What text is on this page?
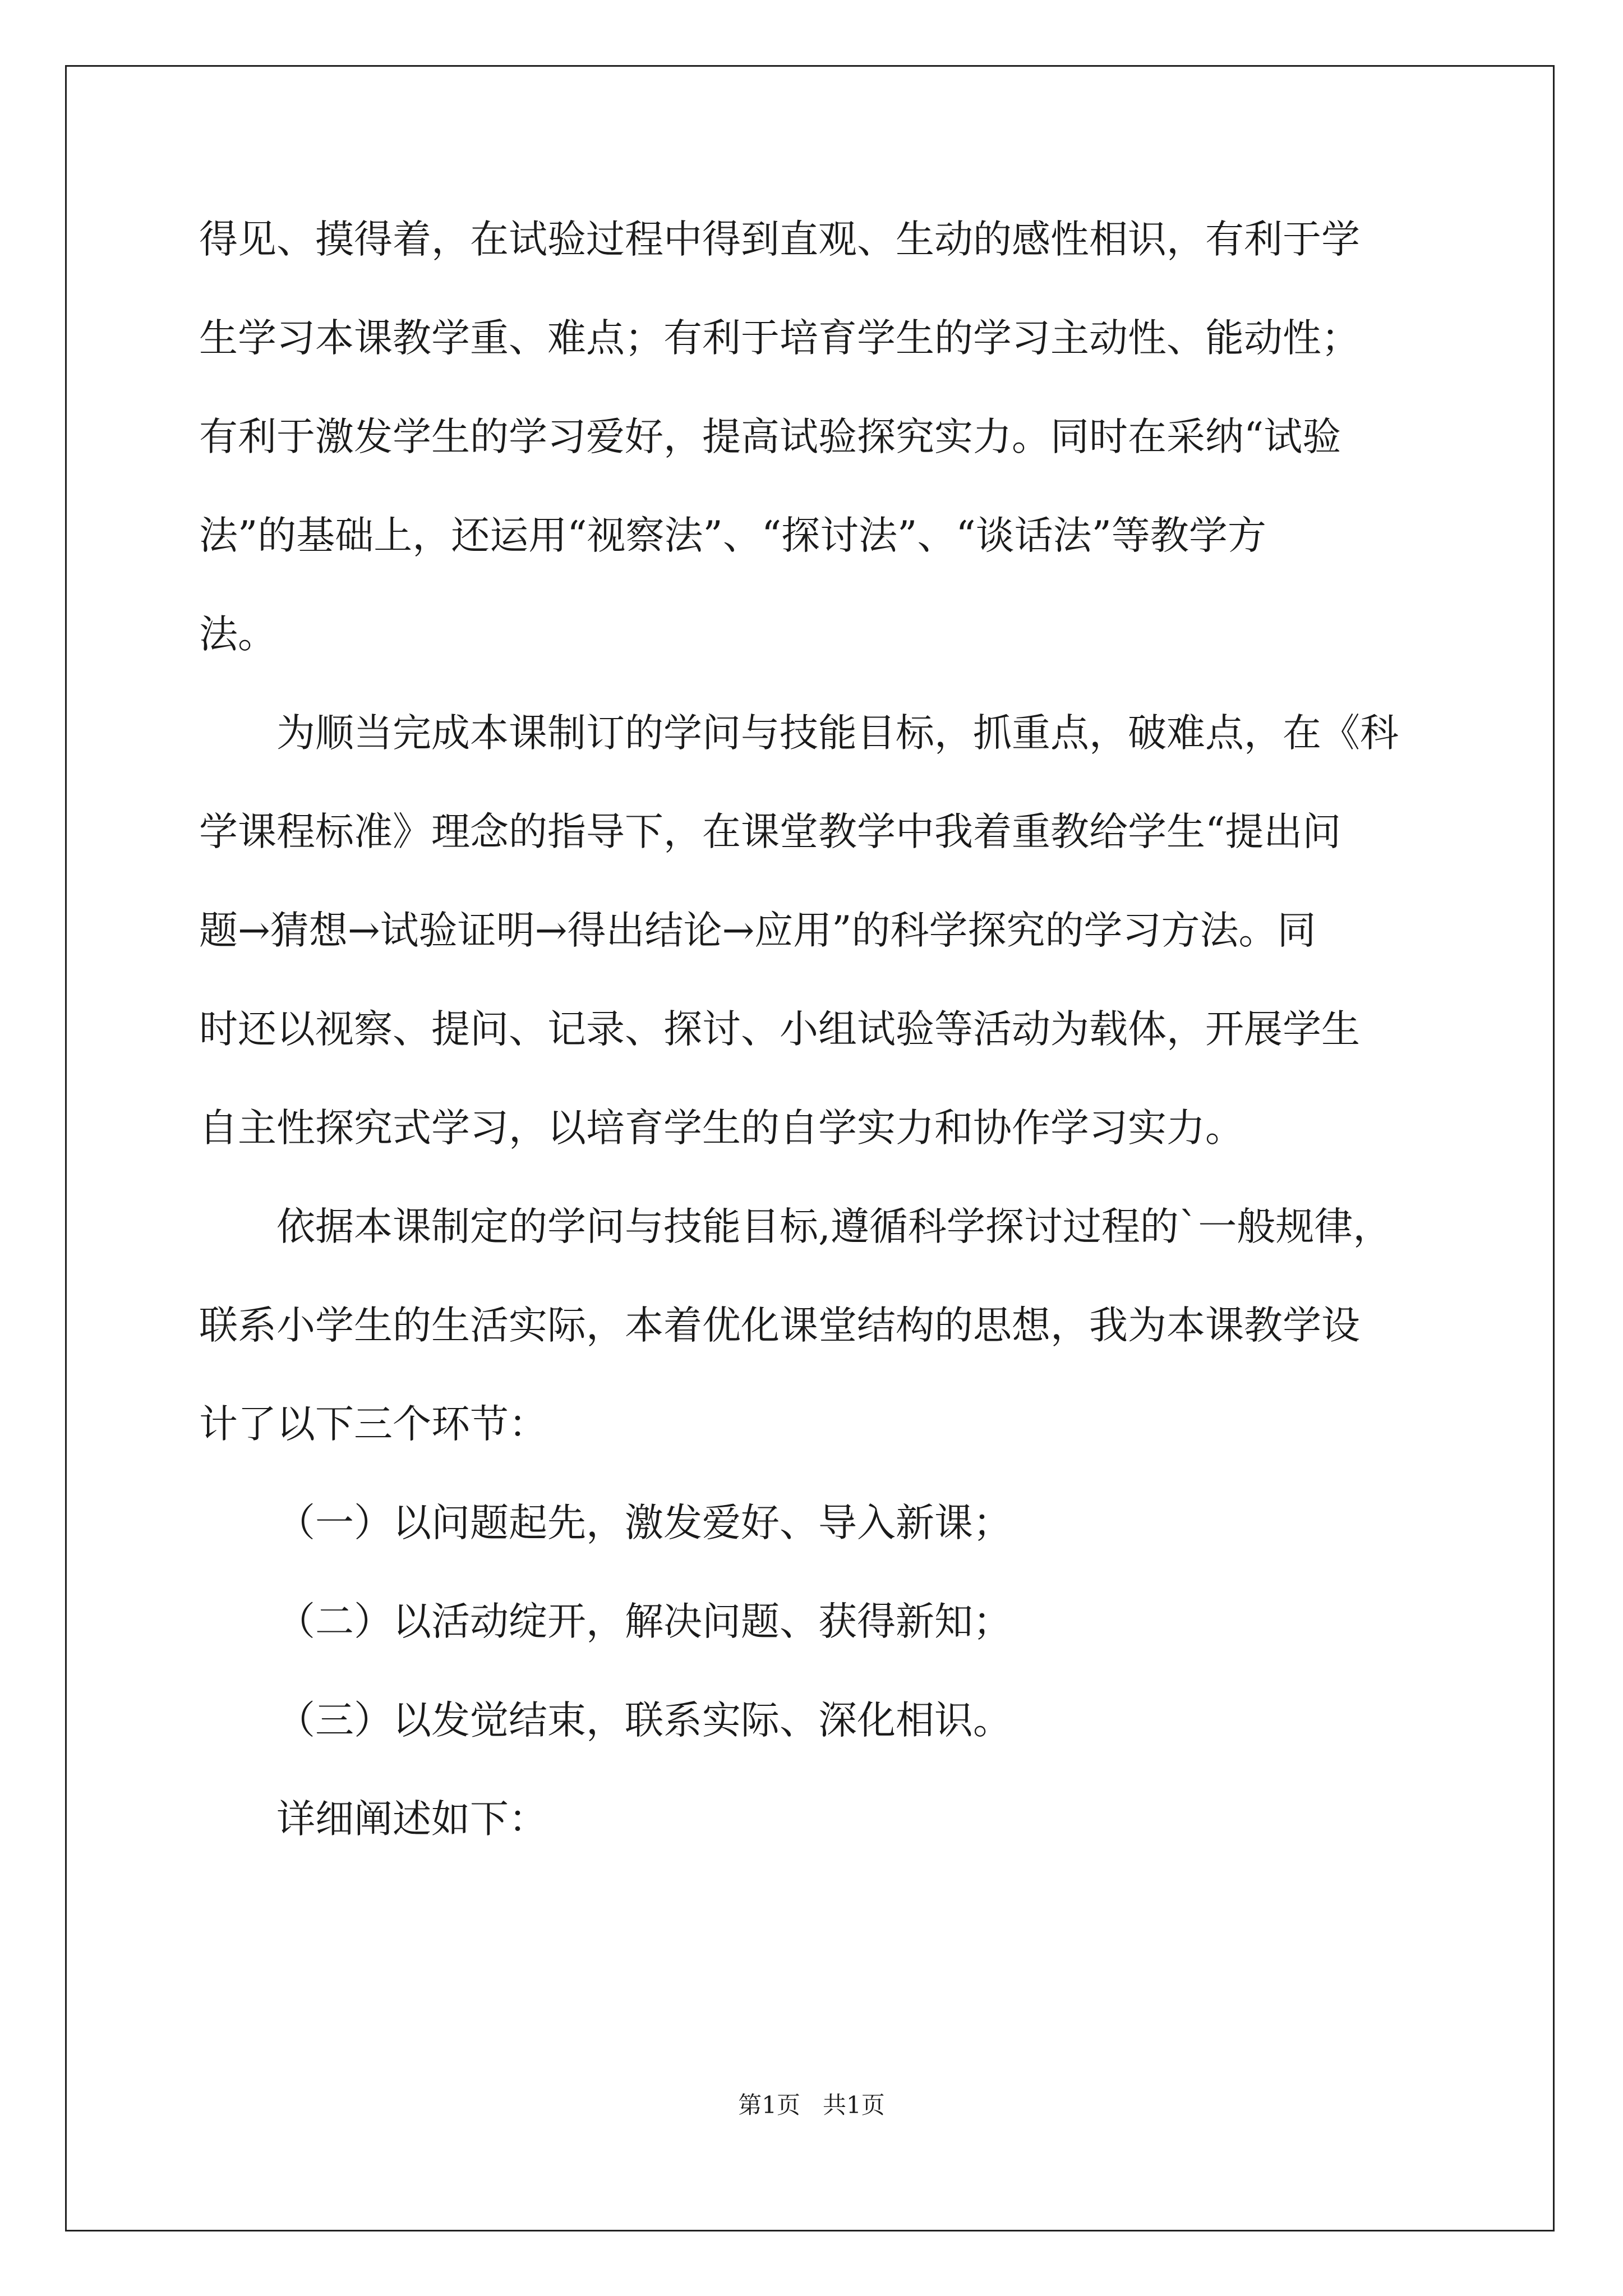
得见、摸得着，在试验过程中得到直观、生动的感性相识，有利于学
生学习本课教学重、难点；有利于培育学生的学习主动性、能动性；
有利于激发学生的学习爱好，提高试验探究实力。同时在采纳“试验
法”的基础上，还运用“视察法”、“探讨法”、“谈话法”等教学方
法。
为顺当完成本课制订的学问与技能目标，抓重点，破难点，在《科
学课程标准》理念的指导下，在课堂教学中我着重教给学生“提出问
题→猜想→试验证明→得出结论→应用”的科学探究的学习方法。同
时还以视察、提问、记录、探讨、小组试验等活动为载体，开展学生
自主性探究式学习，以培育学生的自学实力和协作学习实力。
依据本课制定的学问与技能目标,遵循科学探讨过程的`一般规律，
联系小学生的生活实际，本着优化课堂结构的思想，我为本课教学设
计了以下三个环节：
（一）以问题起先，激发爱好、导入新课；
（二）以活动绽开，解决问题、获得新知；
（三）以发觉结束，联系实际、深化相识。
详细阐述如下：
第1页 共1页
